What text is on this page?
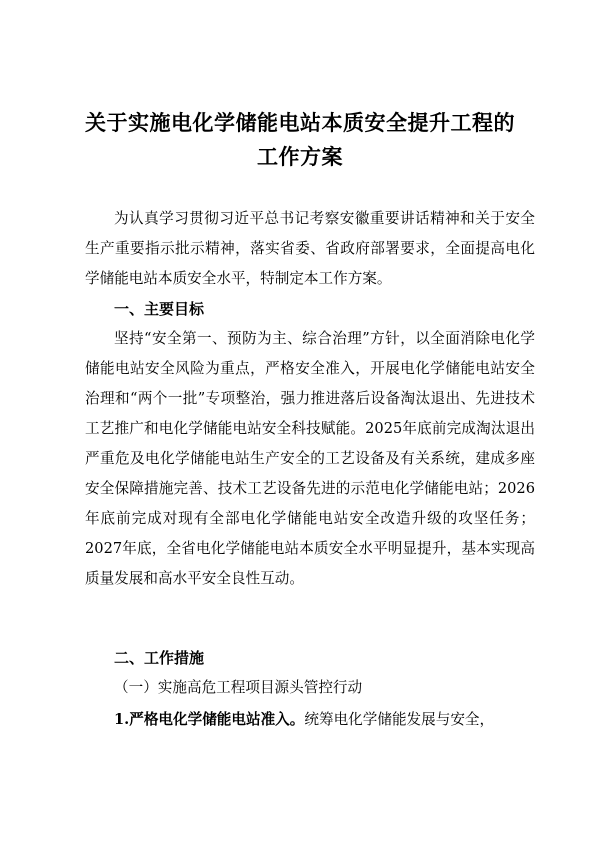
关于实施电化学储能电站本质安全提升工程的
工作方案
为认真学习贯彻习近平总书记考察安徽重要讲话精神和关于安全生产重要指示批示精神，落实省委、省政府部署要求，全面提高电化学储能电站本质安全水平，特制定本工作方案。
一、主要目标
坚持“安全第一、预防为主、综合治理”方针，以全面消除电化学储能电站安全风险为重点，严格安全准入，开展电化学储能电站安全治理和“两个一批”专项整治，强力推进落后设备淘汰退出、先进技术工艺推广和电化学储能电站安全科技赋能。2025年底前完成淘汰退出严重危及电化学储能电站生产安全的工艺设备及有关系统，建成多座安全保障措施完善、技术工艺设备先进的示范电化学储能电站；2026年底前完成对现有全部电化学储能电站安全改造升级的攻坚任务；2027年底，全省电化学储能电站本质安全水平明显提升，基本实现高质量发展和高水平安全良性互动。
二、工作措施
（一）实施高危工程项目源头管控行动
1.严格电化学储能电站准入。统筹电化学储能发展与安全，
